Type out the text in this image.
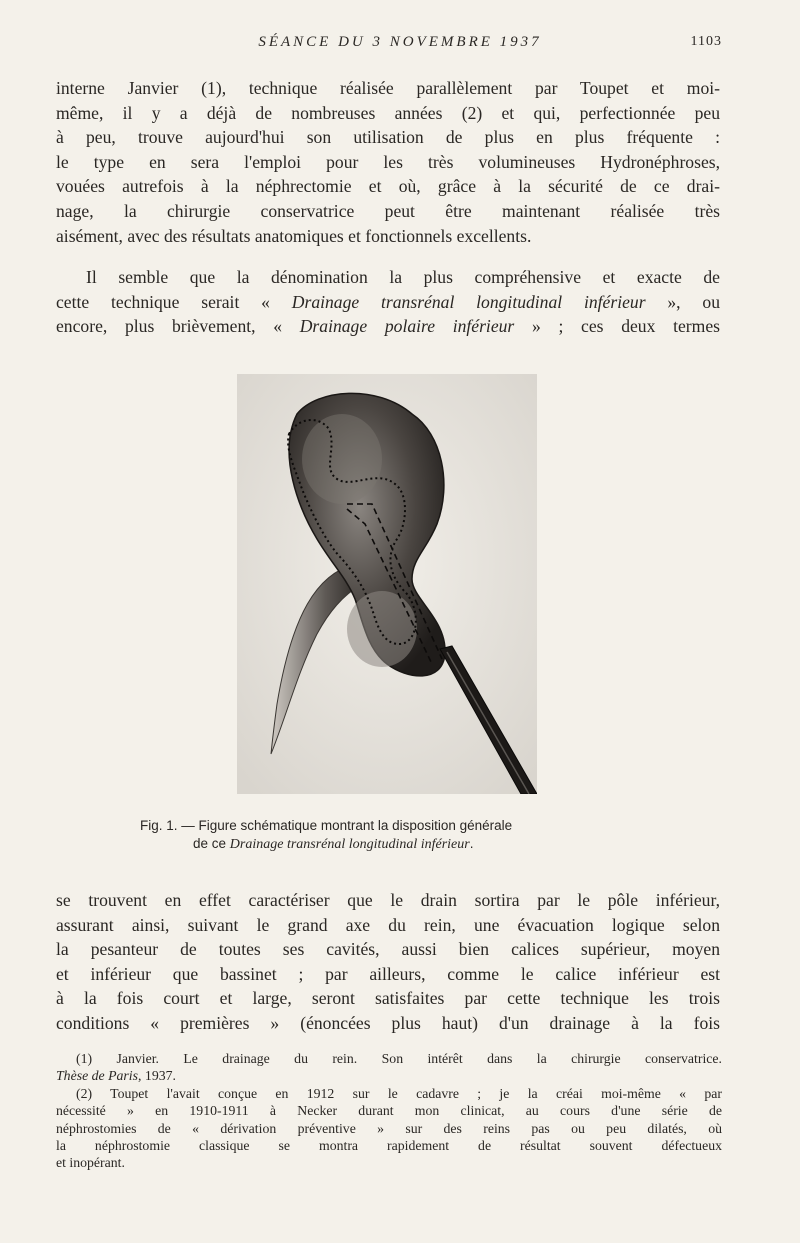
SÉANCE DU 3 NOVEMBRE 1937	1103
interne Janvier (1), technique réalisée parallèlement par Toupet et moi-
même, il y a déjà de nombreuses années (2) et qui, perfectionnée peu
à peu, trouve aujourd'hui son utilisation de plus en plus fréquente :
le type en sera l'emploi pour les très volumineuses Hydronéphroses,
vouées autrefois à la néphrectomie et où, grâce à la sécurité de ce drai-
nage, la chirurgie conservatrice peut être maintenant réalisée très
aisément, avec des résultats anatomiques et fonctionnels excellents.
Il semble que la dénomination la plus compréhensive et exacte de
cette technique serait « Drainage transrénal longitudinal inférieur », ou
encore, plus brièvement, « Drainage polaire inférieur » ; ces deux termes
Fig. 1. — Figure schématique montrant la disposition générale
de ce Drainage transrénal longitudinal inférieur.
se trouvent en effet caractériser que le drain sortira par le pôle inférieur,
assurant ainsi, suivant le grand axe du rein, une évacuation logique selon
la pesanteur de toutes ses cavités, aussi bien calices supérieur, moyen
et inférieur que bassinet ; par ailleurs, comme le calice inférieur est
à la fois court et large, seront satisfaites par cette technique les trois
conditions « premières » (énoncées plus haut) d'un drainage à la fois
(1) Janvier. Le drainage du rein. Son intérêt dans la chirurgie conservatrice.
Thèse de Paris, 1937.
(2) Toupet l'avait conçue en 1912 sur le cadavre ; je la créai moi-même « par
nécessité » en 1910-1911 à Necker durant mon clinicat, au cours d'une série de
néphrostomies de « dérivation préventive » sur des reins pas ou peu dilatés, où
la néphrostomie classique se montra rapidement de résultat souvent défectueux
et inopérant.
